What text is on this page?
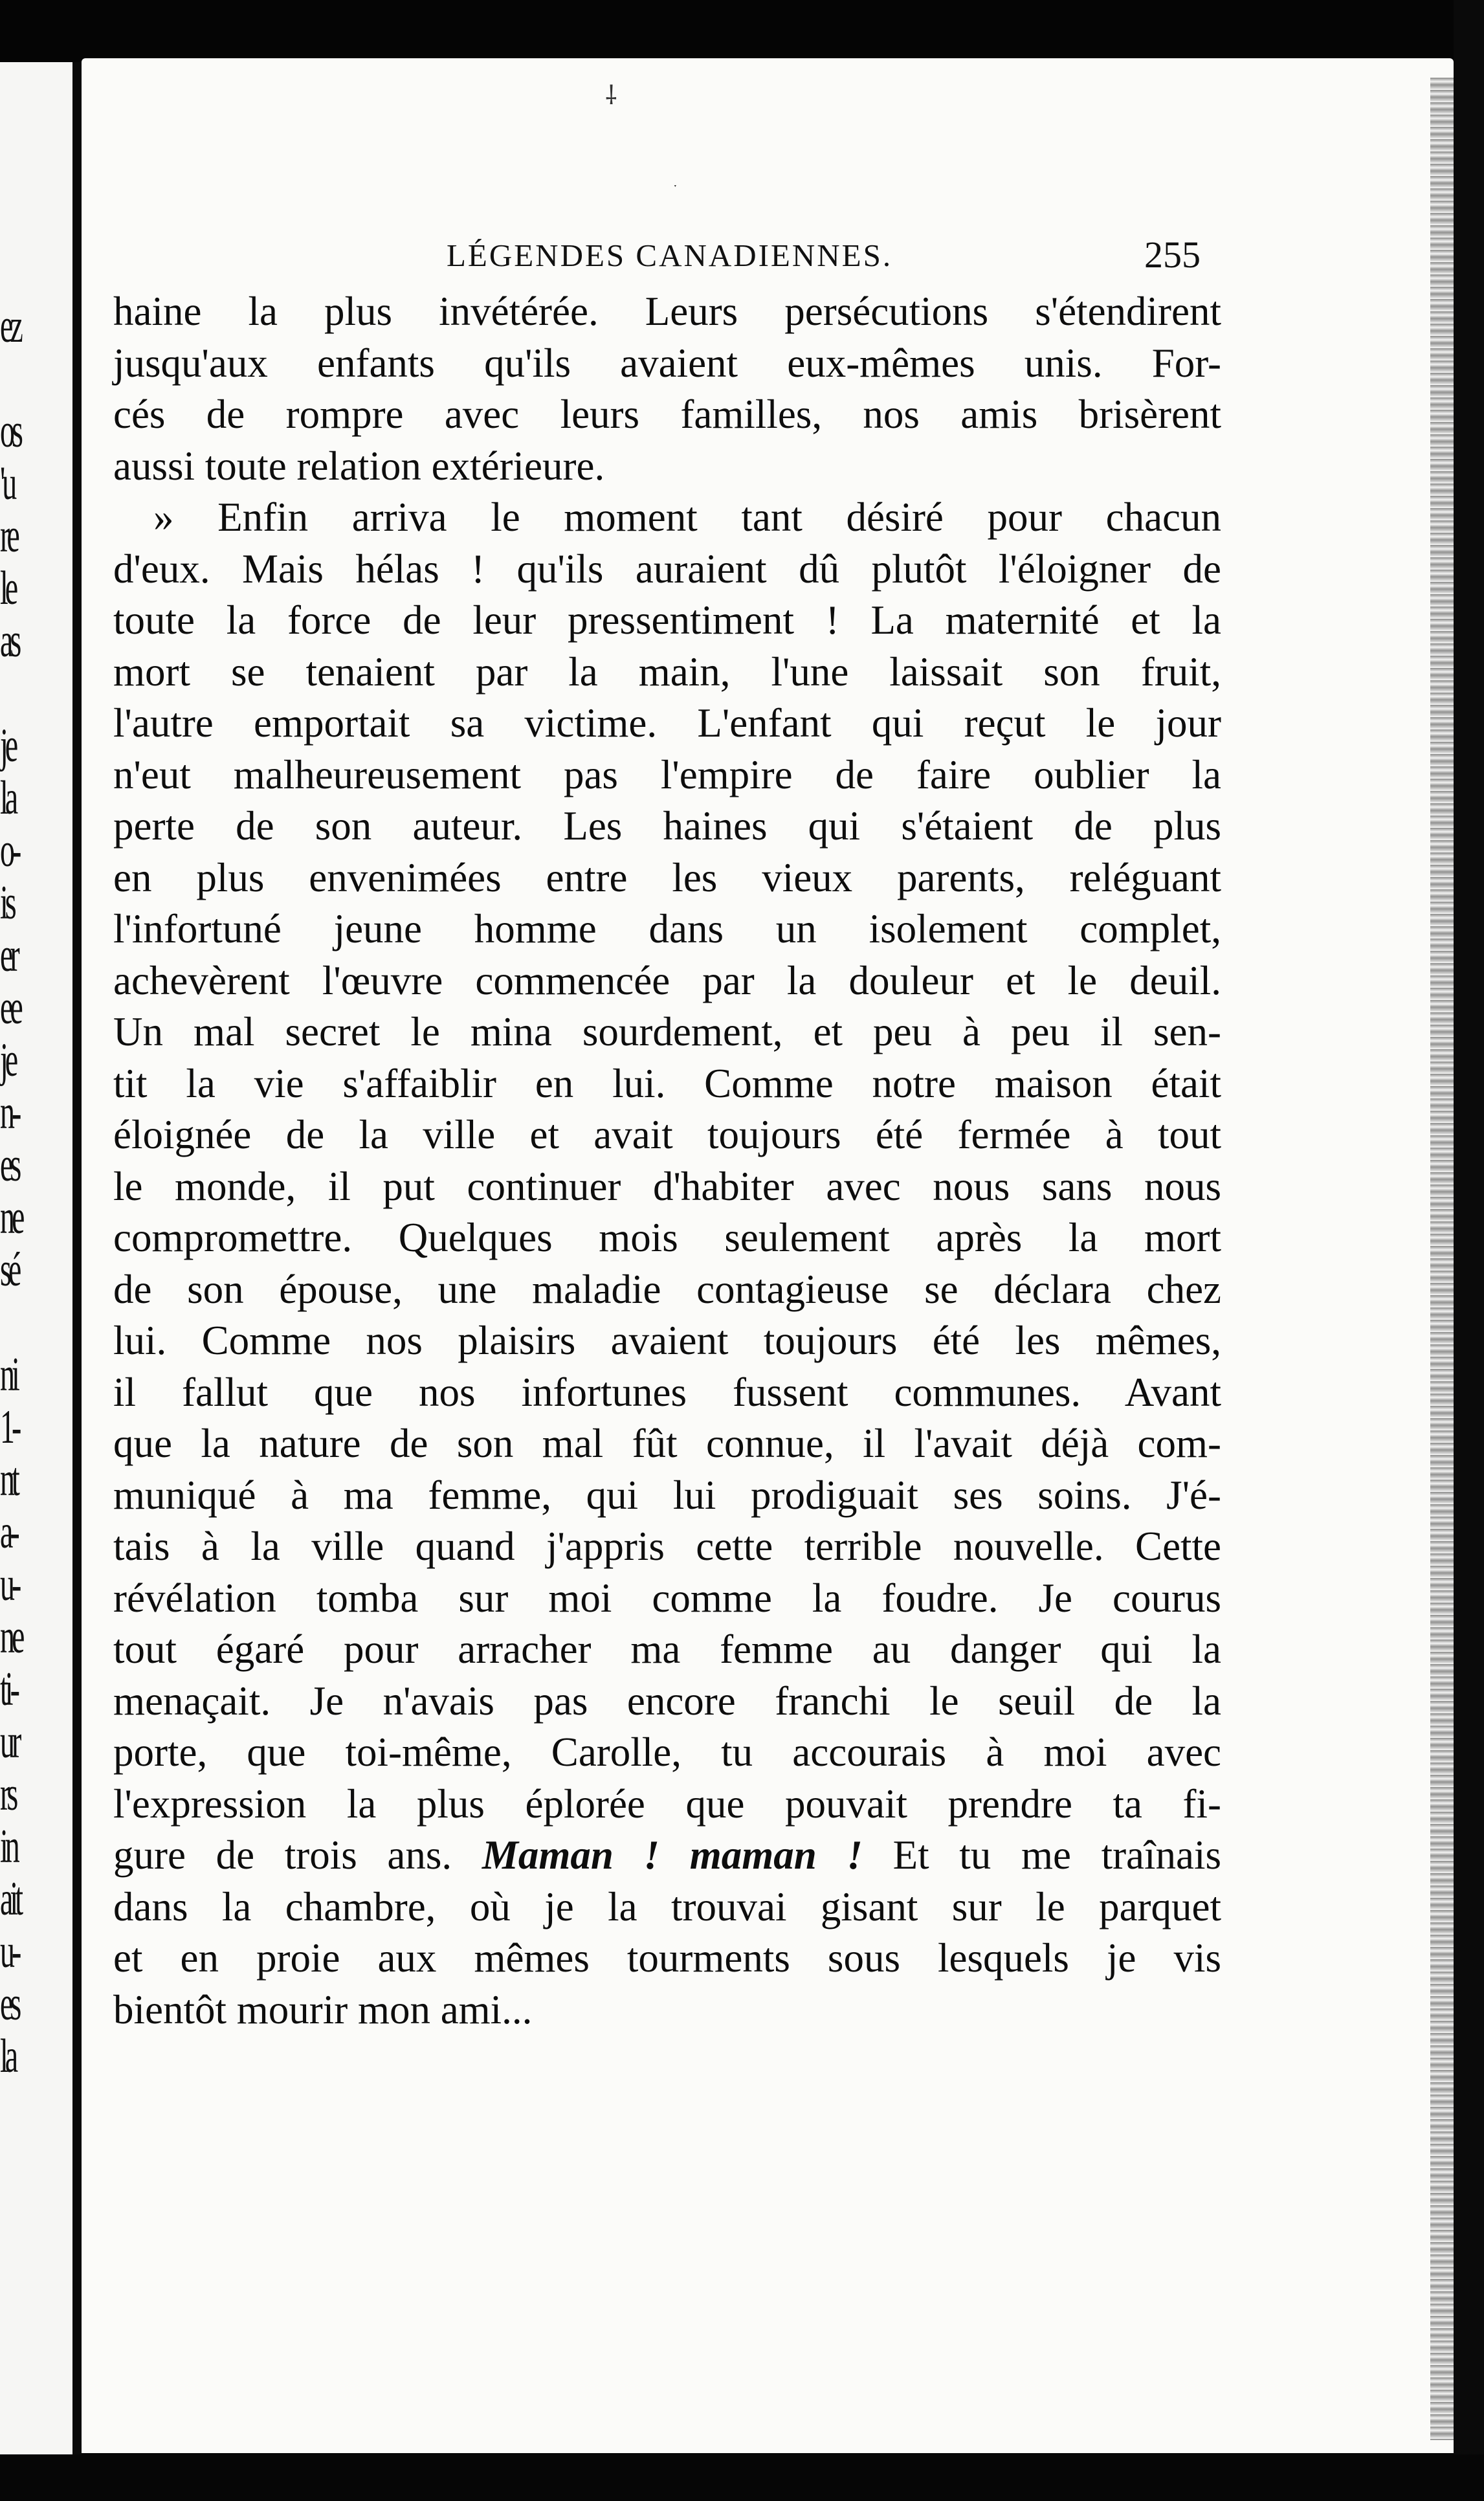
ez
os
'u
re
le
as
je
la
o-
is
er
ee
je
n-
es
ne
sé
ni
1-
nt
a-
u-
ne
ti-
ur
rs
in
ait
u-
es
la
⸸
ˑ
LÉGENDES CANADIENNES.	255
haine la plus invétérée. Leurs persécutions s'étendirent
jusqu'aux enfants qu'ils avaient eux-mêmes unis. For-
cés de rompre avec leurs familles, nos amis brisèrent
aussi toute relation extérieure.
» Enfin arriva le moment tant désiré pour chacun
d'eux. Mais hélas ! qu'ils auraient dû plutôt l'éloigner de
toute la force de leur pressentiment ! La maternité et la
mort se tenaient par la main, l'une laissait son fruit,
l'autre emportait sa victime. L'enfant qui reçut le jour
n'eut malheureusement pas l'empire de faire oublier la
perte de son auteur. Les haines qui s'étaient de plus
en plus envenimées entre les vieux parents, reléguant
l'infortuné jeune homme dans un isolement complet,
achevèrent l'œuvre commencée par la douleur et le deuil.
Un mal secret le mina sourdement, et peu à peu il sen-
tit la vie s'affaiblir en lui. Comme notre maison était
éloignée de la ville et avait toujours été fermée à tout
le monde, il put continuer d'habiter avec nous sans nous
compromettre. Quelques mois seulement après la mort
de son épouse, une maladie contagieuse se déclara chez
lui. Comme nos plaisirs avaient toujours été les mêmes,
il fallut que nos infortunes fussent communes. Avant
que la nature de son mal fût connue, il l'avait déjà com-
muniqué à ma femme, qui lui prodiguait ses soins. J'é-
tais à la ville quand j'appris cette terrible nouvelle. Cette
révélation tomba sur moi comme la foudre. Je courus
tout égaré pour arracher ma femme au danger qui la
menaçait. Je n'avais pas encore franchi le seuil de la
porte, que toi-même, Carolle, tu accourais à moi avec
l'expression la plus éplorée que pouvait prendre ta fi-
gure de trois ans. Maman ! maman ! Et tu me traînais
dans la chambre, où je la trouvai gisant sur le parquet
et en proie aux mêmes tourments sous lesquels je vis
bientôt mourir mon ami...
